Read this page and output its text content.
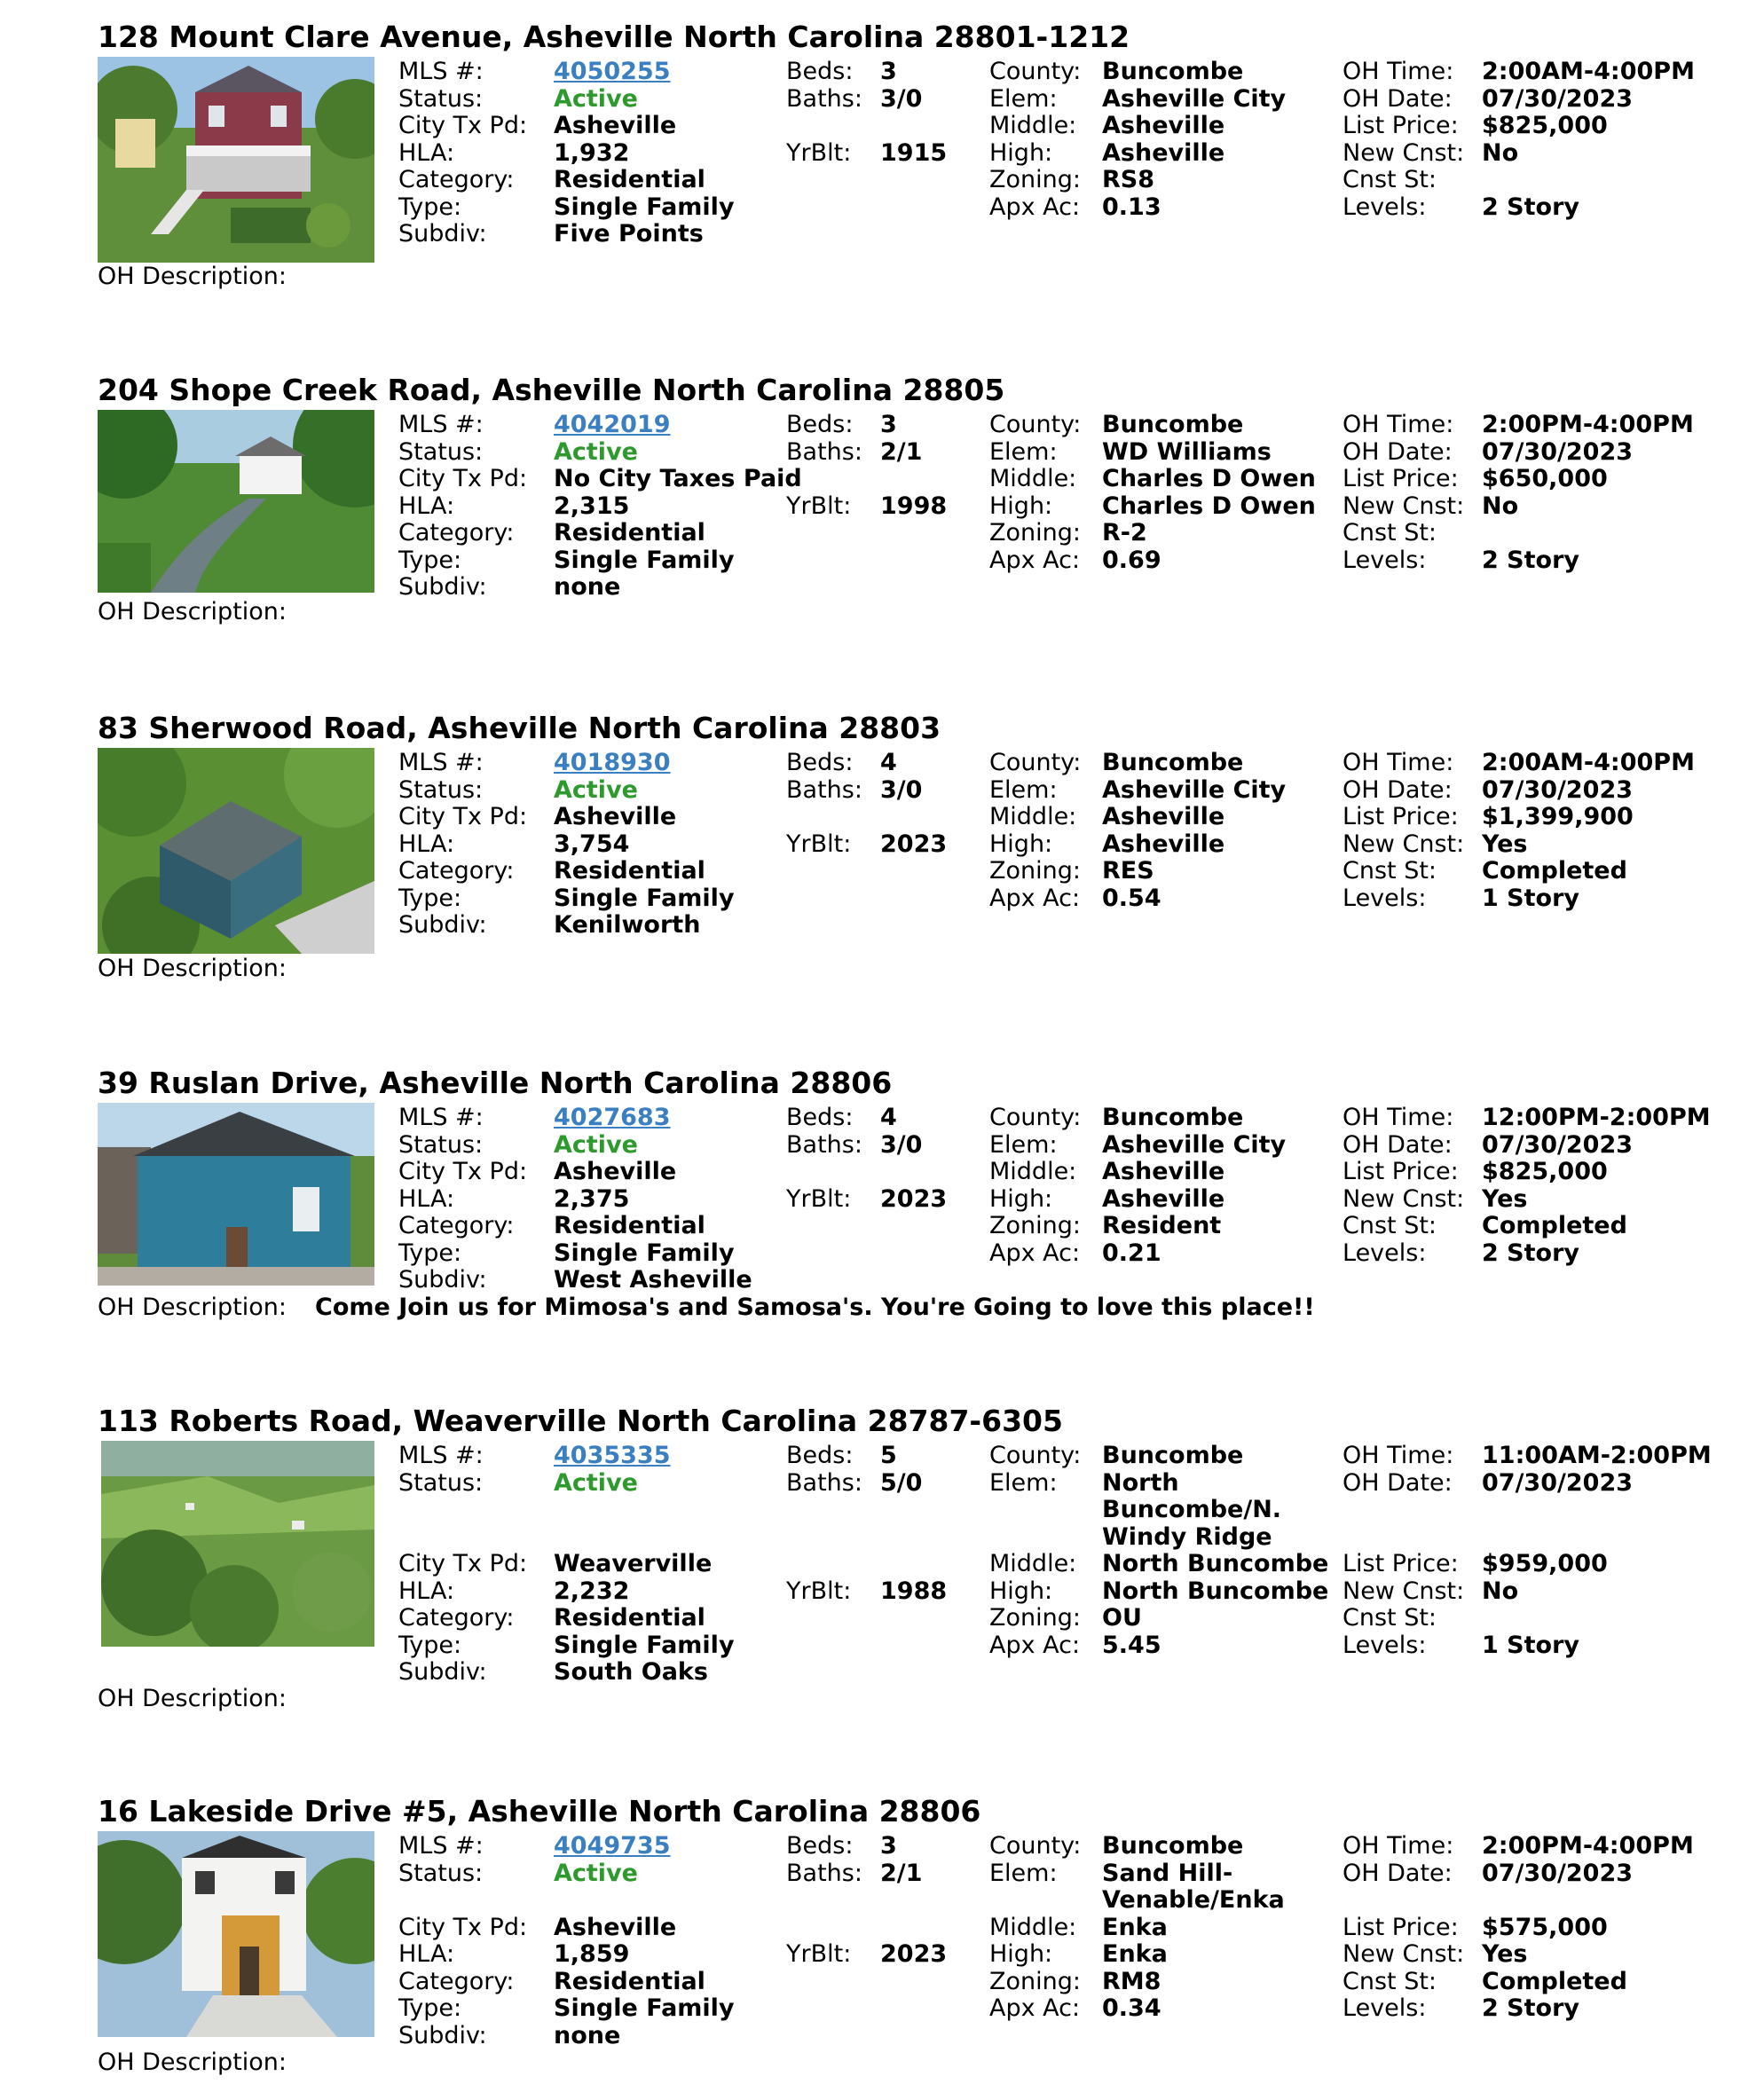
128 Mount Clare Avenue, Asheville North Carolina 28801-1212
MLS #:	4050255
Status:	Active
City Tx Pd: Asheville
HLA:	1,932
Category: Residential
Type:	Single Family
Subdiv:	Five Points
Beds: 3
Baths: 3/0
YrBlt: 1915
County: Buncombe
Elem: Asheville City
Middle: Asheville
High: Asheville
Zoning: RS8
Apx Ac: 0.13
OH Time: 2:00AM-4:00PM
OH Date: 07/30/2023
List Price: $825,000
New Cnst: No
Cnst St:
Levels: 2 Story
OH Description:
204 Shope Creek Road, Asheville North Carolina 28805
MLS #:	4042019
Status:	Active
City Tx Pd: No City Taxes Paid
HLA:	2,315
Category: Residential
Type:	Single Family
Subdiv:	none
Beds: 3
Baths: 2/1
YrBlt: 1998
County: Buncombe
Elem: WD Williams
Middle: Charles D Owen
High: Charles D Owen
Zoning: R-2
Apx Ac: 0.69
OH Time: 2:00PM-4:00PM
OH Date: 07/30/2023
List Price: $650,000
New Cnst: No
Cnst St:
Levels: 2 Story
OH Description:
83 Sherwood Road, Asheville North Carolina 28803
MLS #:	4018930
Status:	Active
City Tx Pd: Asheville
HLA:	3,754
Category: Residential
Type:	Single Family
Subdiv:	Kenilworth
Beds: 4
Baths: 3/0
YrBlt: 2023
County: Buncombe
Elem: Asheville City
Middle: Asheville
High: Asheville
Zoning: RES
Apx Ac: 0.54
OH Time: 2:00AM-4:00PM
OH Date: 07/30/2023
List Price: $1,399,900
New Cnst: Yes
Cnst St: Completed
Levels: 1 Story
OH Description:
39 Ruslan Drive, Asheville North Carolina 28806
MLS #:	4027683
Status:	Active
City Tx Pd: Asheville
HLA:	2,375
Category: Residential
Type:	Single Family
Subdiv:	West Asheville
Beds: 4
Baths: 3/0
YrBlt: 2023
County: Buncombe
Elem: Asheville City
Middle: Asheville
High: Asheville
Zoning: Resident
Apx Ac: 0.21
OH Time: 12:00PM-2:00PM
OH Date: 07/30/2023
List Price: $825,000
New Cnst: Yes
Cnst St: Completed
Levels: 2 Story
OH Description: Come Join us for Mimosa's and Samosa's. You're Going to love this place!!
113 Roberts Road, Weaverville North Carolina 28787-6305
MLS #:	4035335
Status:	Active
City Tx Pd: Weaverville
HLA:	2,232
Category: Residential
Type:	Single Family
Subdiv:	South Oaks
Beds: 5
Baths: 5/0
YrBlt: 1988
County: Buncombe
Elem: North
Buncombe/N.
Windy Ridge
Middle: North Buncombe
High: North Buncombe
Zoning: OU
Apx Ac: 5.45
OH Time: 11:00AM-2:00PM
OH Date: 07/30/2023
List Price: $959,000
New Cnst: No
Cnst St:
Levels: 1 Story
OH Description:
16 Lakeside Drive #5, Asheville North Carolina 28806
MLS #:	4049735
Status:	Active
City Tx Pd: Asheville
HLA:	1,859
Category: Residential
Type:	Single Family
Subdiv:	none
Beds: 3
Baths: 2/1
YrBlt: 2023
County: Buncombe
Elem: Sand Hill-
Venable/Enka
Middle: Enka
High: Enka
Zoning: RM8
Apx Ac: 0.34
OH Time: 2:00PM-4:00PM
OH Date: 07/30/2023
List Price: $575,000
New Cnst: Yes
Cnst St: Completed
Levels: 2 Story
OH Description:
